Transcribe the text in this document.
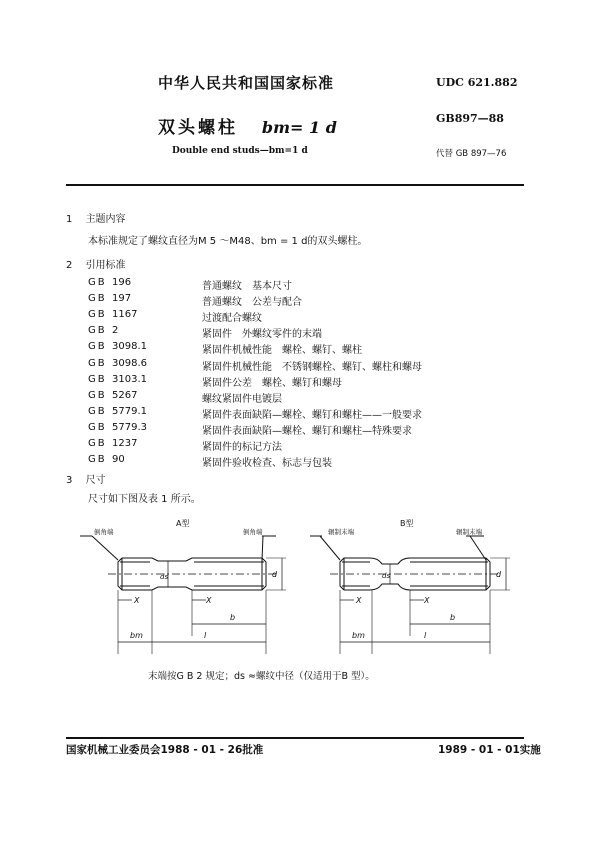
中华人民共和国国家标准	UDC 621.882
双头螺柱 bm= 1 d	GB897—88
Double end studs—bm=1 d	代替 GB 897—76
1 主题内容
本标准规定了螺纹直径为M 5 ～M48、bm = 1 d的双头螺柱。
2 引用标准
GB 196	普通螺纹　基本尺寸
GB 197	普通螺纹　公差与配合
GB 1167	过渡配合螺纹
GB 2	紧固件　外螺纹零件的末端
GB 3098.1	紧固件机械性能　螺栓、螺钉、螺柱
GB 3098.6	紧固件机械性能　不锈钢螺栓、螺钉、螺柱和螺母
GB 3103.1	紧固件公差　螺栓、螺钉和螺母
GB 5267	螺纹紧固件电镀层
GB 5779.1	紧固件表面缺陷—螺栓、螺钉和螺柱——一般要求
GB 5779.3	紧固件表面缺陷—螺栓、螺钉和螺柱—特殊要求
GB 1237	紧固件的标记方法
GB 90	紧固件验收检查、标志与包装
3 尺寸
尺寸如下图及表 1 所示。
A型
倒角端	倒角端
ds	d
X	X
b
bm	l
B型
辗制末端	辗制末端
ds	d
X	X
b
bm	l
末端按G B 2 规定；ds ≈螺纹中径（仅适用于B 型）。
国家机械工业委员会1988 - 01 - 26批准	1989 - 01 - 01实施
